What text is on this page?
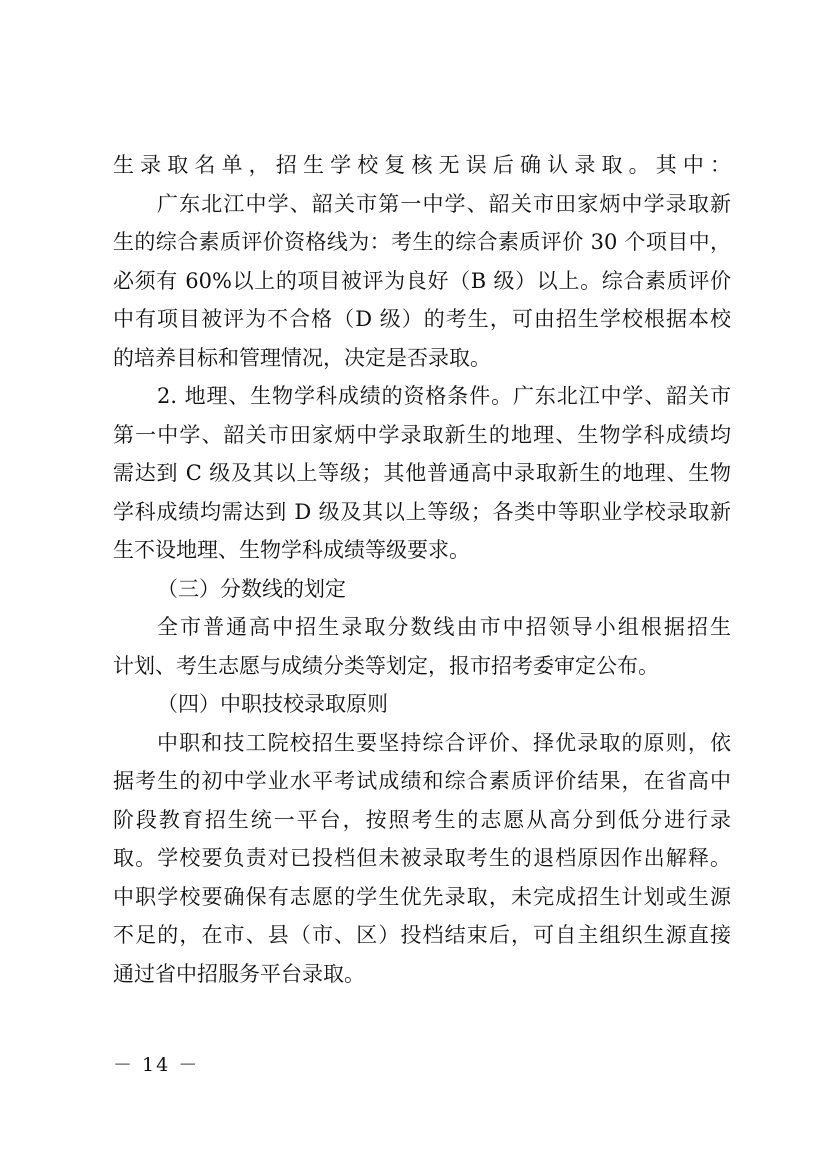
生录取名单，招生学校复核无误后确认录取。其中：
广东北江中学、韶关市第一中学、韶关市田家炳中学录取新
生的综合素质评价资格线为：考生的综合素质评价 30 个项目中，
必须有 60%以上的项目被评为良好（B 级）以上。综合素质评价
中有项目被评为不合格（D 级）的考生，可由招生学校根据本校
的培养目标和管理情况，决定是否录取。
2. 地理、生物学科成绩的资格条件。广东北江中学、韶关市
第一中学、韶关市田家炳中学录取新生的地理、生物学科成绩均
需达到 C 级及其以上等级；其他普通高中录取新生的地理、生物
学科成绩均需达到 D 级及其以上等级；各类中等职业学校录取新
生不设地理、生物学科成绩等级要求。
（三）分数线的划定
全市普通高中招生录取分数线由市中招领导小组根据招生
计划、考生志愿与成绩分类等划定，报市招考委审定公布。
（四）中职技校录取原则
中职和技工院校招生要坚持综合评价、择优录取的原则，依
据考生的初中学业水平考试成绩和综合素质评价结果，在省高中
阶段教育招生统一平台，按照考生的志愿从高分到低分进行录
取。学校要负责对已投档但未被录取考生的退档原因作出解释。
中职学校要确保有志愿的学生优先录取，未完成招生计划或生源
不足的，在市、县（市、区）投档结束后，可自主组织生源直接
通过省中招服务平台录取。
－ 14 －
